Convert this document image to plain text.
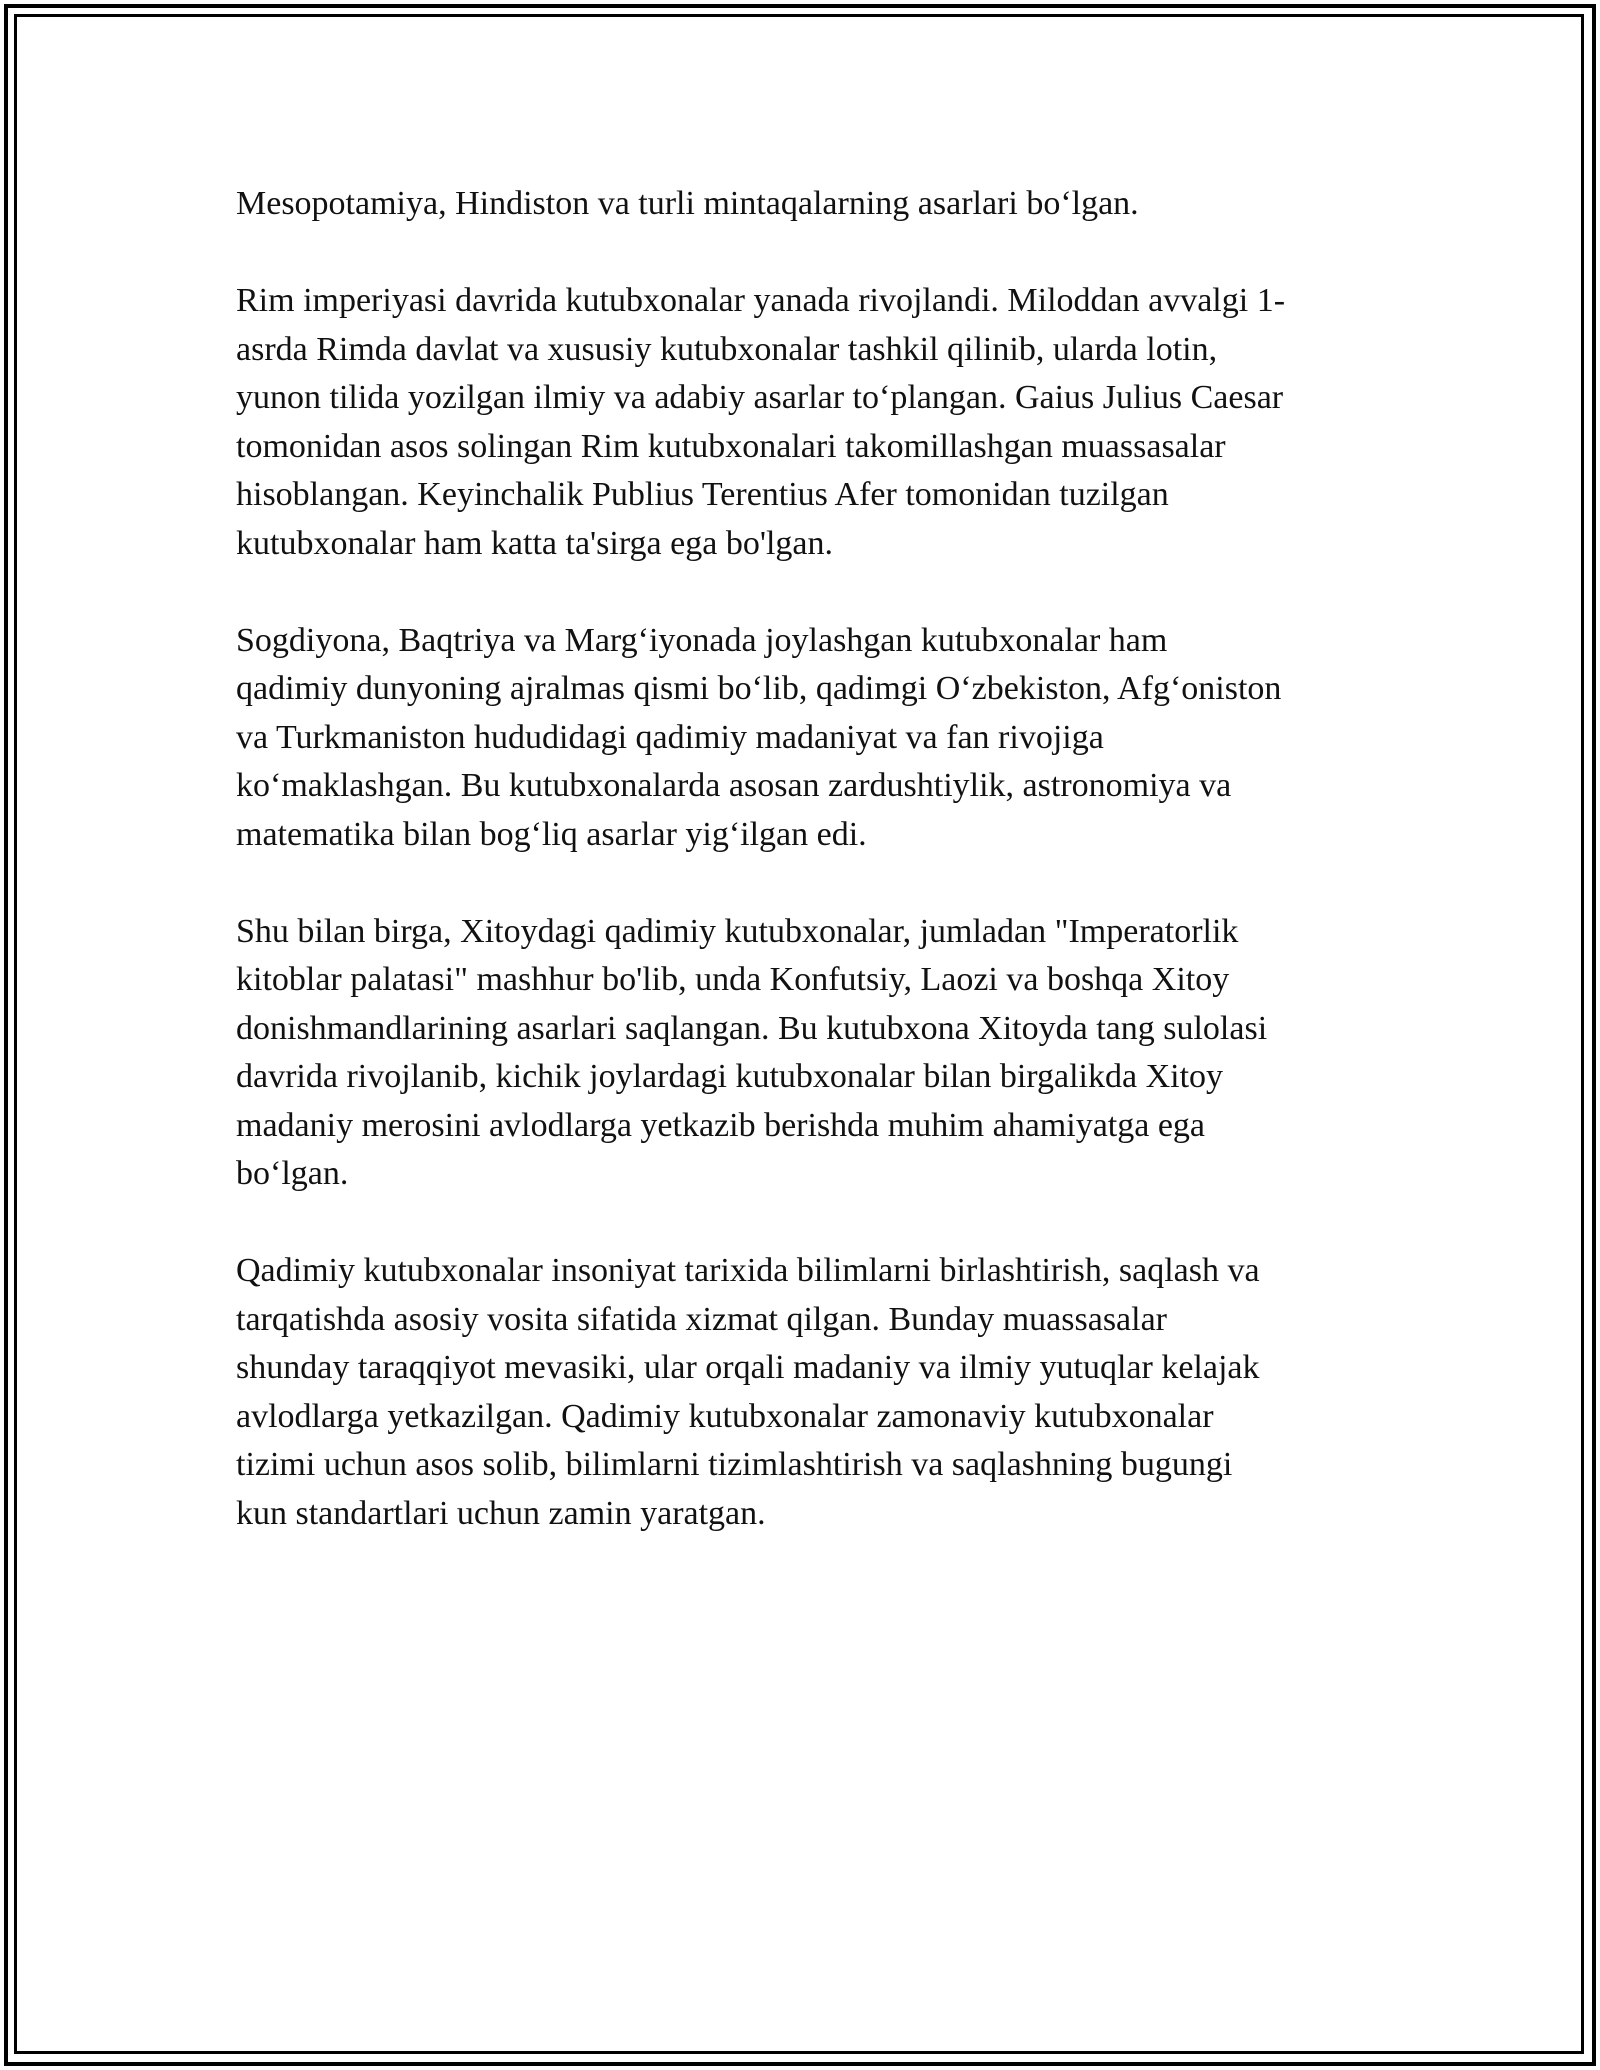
Mesopotamiya, Hindiston va turli mintaqalarning asarlari bo‘lgan.

Rim imperiyasi davrida kutubxonalar yanada rivojlandi. Miloddan avvalgi 1-
asrda Rimda davlat va xususiy kutubxonalar tashkil qilinib, ularda lotin,
yunon tilida yozilgan ilmiy va adabiy asarlar to‘plangan. Gaius Julius Caesar
tomonidan asos solingan Rim kutubxonalari takomillashgan muassasalar
hisoblangan. Keyinchalik Publius Terentius Afer tomonidan tuzilgan
kutubxonalar ham katta ta'sirga ega bo'lgan.

Sogdiyona, Baqtriya va Marg‘iyonada joylashgan kutubxonalar ham
qadimiy dunyoning ajralmas qismi bo‘lib, qadimgi O‘zbekiston, Afg‘oniston
va Turkmaniston hududidagi qadimiy madaniyat va fan rivojiga
ko‘maklashgan. Bu kutubxonalarda asosan zardushtiylik, astronomiya va
matematika bilan bog‘liq asarlar yig‘ilgan edi.

Shu bilan birga, Xitoydagi qadimiy kutubxonalar, jumladan "Imperatorlik
kitoblar palatasi" mashhur bo'lib, unda Konfutsiy, Laozi va boshqa Xitoy
donishmandlarining asarlari saqlangan. Bu kutubxona Xitoyda tang sulolasi
davrida rivojlanib, kichik joylardagi kutubxonalar bilan birgalikda Xitoy
madaniy merosini avlodlarga yetkazib berishda muhim ahamiyatga ega
bo‘lgan.

Qadimiy kutubxonalar insoniyat tarixida bilimlarni birlashtirish, saqlash va
tarqatishda asosiy vosita sifatida xizmat qilgan. Bunday muassasalar
shunday taraqqiyot mevasiki, ular orqali madaniy va ilmiy yutuqlar kelajak
avlodlarga yetkazilgan. Qadimiy kutubxonalar zamonaviy kutubxonalar
tizimi uchun asos solib, bilimlarni tizimlashtirish va saqlashning bugungi
kun standartlari uchun zamin yaratgan.
